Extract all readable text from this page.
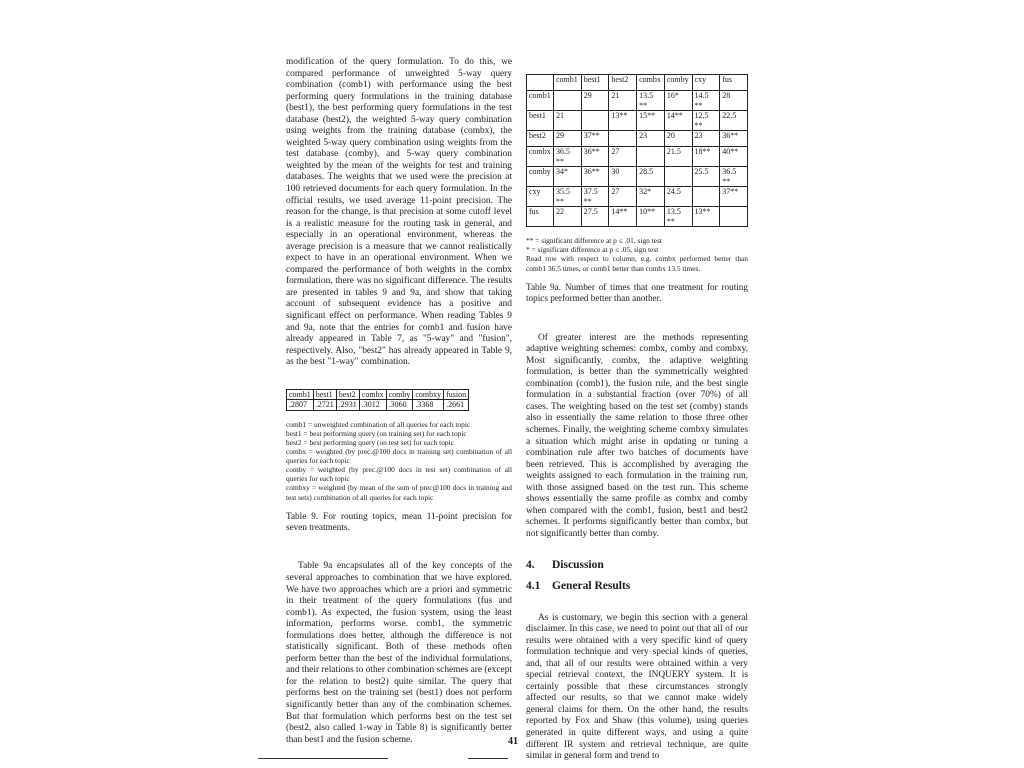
modification of the query formulation. To do this, we compared performance of unweighted 5-way query combination (comb1) with performance using the best performing query formulations in the training database (best1), the best performing query formulations in the test database (best2), the weighted 5-way query combination using weights from the training database (combx), the weighted 5-way query combination using weights from the test database (comby), and 5-way query combination weighted by the mean of the weights for test and training databases. The weights that we used were the precision at 100 retrieved documents for each query formulation. In the official results, we used average 11-point precision. The reason for the change, is that precision at some cutoff level is a realistic measure for the routing task in general, and especially in an operational environment, whereas the average precision is a measure that we cannot realistically expect to have in an operational environment. When we compared the performance of both weights in the combx formulation, there was no significant difference. The results are presented in tables 9 and 9a, and show that taking account of subsequent evidence has a positive and significant effect on performance. When reading Tables 9 and 9a, note that the entries for comb1 and fusion have already appeared in Table 7, as "5-way" and "fusion", respectively. Also, "best2" has already appeared in Table 9, as the best "1-way" combination.

comb1	best1	best2	combx	comby	combxy	fusion
.2807	.2721	.2931	.3012	.3060	.3368	.2661

comb1 = unweighted combination of all queries for each topic

best1 = best performing query (on training set) for each topic

best2 = best performing query (on test set) for each topic

combx = weighted (by prec.@100 docs in training set) combination of all queries for each topic

comby = weighted (by prec.@100 docs in test set) combination of all queries for each topic

combxy = weighted (by mean of the sum of prec@100 docs in training and test sets) combination of all queries for each topic

Table 9. For routing topics, mean 11-point precision for seven treatments.

Table 9a encapsulates all of the key concepts of the several approaches to combination that we have explored. We have two approaches which are a priori and symmetric in their treatment of the query formulations (fus and comb1). As expected, the fusion system, using the least information, performs worse. comb1, the symmetric formulations does better, although the difference is not statistically significant. Both of these methods often perform better than the best of the individual formulations, and their relations to other combination schemes are (except for the relation to best2) quite similar. The query that performs best on the training set (best1) does not perform significantly better than any of the combination schemes. But that formulation which performs best on the test set (best2, also called 1-way in Table 8) is significantly better than best1 and the fusion scheme.

	comb1	best1	best2	combx	comby	cxy	fus
comb1		29	21	13.5 **	16*	14.5 **	28
best1	21		13**	15**	14**	12.5 **	22.5
best2	29	37**		23	20	23	36**
combx	36.5 **	36**	27		21.5	18**	40**
comby	34*	36**	30	28.5		25.5	36.5 **
cxy	35.5 **	37.5 **	27	32*	24.5		37**
fus	22	27.5	14**	10**	13.5 **	13**	

** = significant difference at p ≤ .01, sign test

* = significant difference at p ≤ .05, sign test

Read row with respect to column, e.g. combx performed better than comb1 36.5 times, or comb1 better than combx 13.5 times.

Table 9a. Number of times that one treatment for routing topics performed better than another.

Of greater interest are the methods representing adaptive weighting schemes: combx, comby and combxy. Most significantly, combx, the adaptive weighting formulation, is better than the symmetrically weighted combination (comb1), the fusion rule, and the best single formulation in a substantial fraction (over 70%) of all cases. The weighting based on the test set (comby) stands also in essentially the same relation to those three other schemes. Finally, the weighting scheme combxy simulates a situation which might arise in updating or tuning a combination rule after two batches of documents have been retrieved. This is accomplished by averaging the weights assigned to each formulation in the training run, with those assigned based on the test run. This scheme shows essentially the same profile as combx and comby when compared with the comb1, fusion, best1 and best2 schemes. It performs significantly better than combx, but not significantly better than comby.

4. Discussion

4.1 General Results

As is customary, we begin this section with a general disclaimer. In this case, we need to point out that all of our results were obtained with a very specific kind of query formulation technique and very special kinds of queries, and, that all of our results were obtained within a very special retrieval context, the INQUERY system. It is certainly possible that these circumstances strongly affected our results, so that we cannot make widely general claims for them. On the other hand, the results reported by Fox and Shaw (this volume), using queries generated in quite different ways, and using a quite different IR system and retrieval technique, are quite similar in general form and trend to

41
